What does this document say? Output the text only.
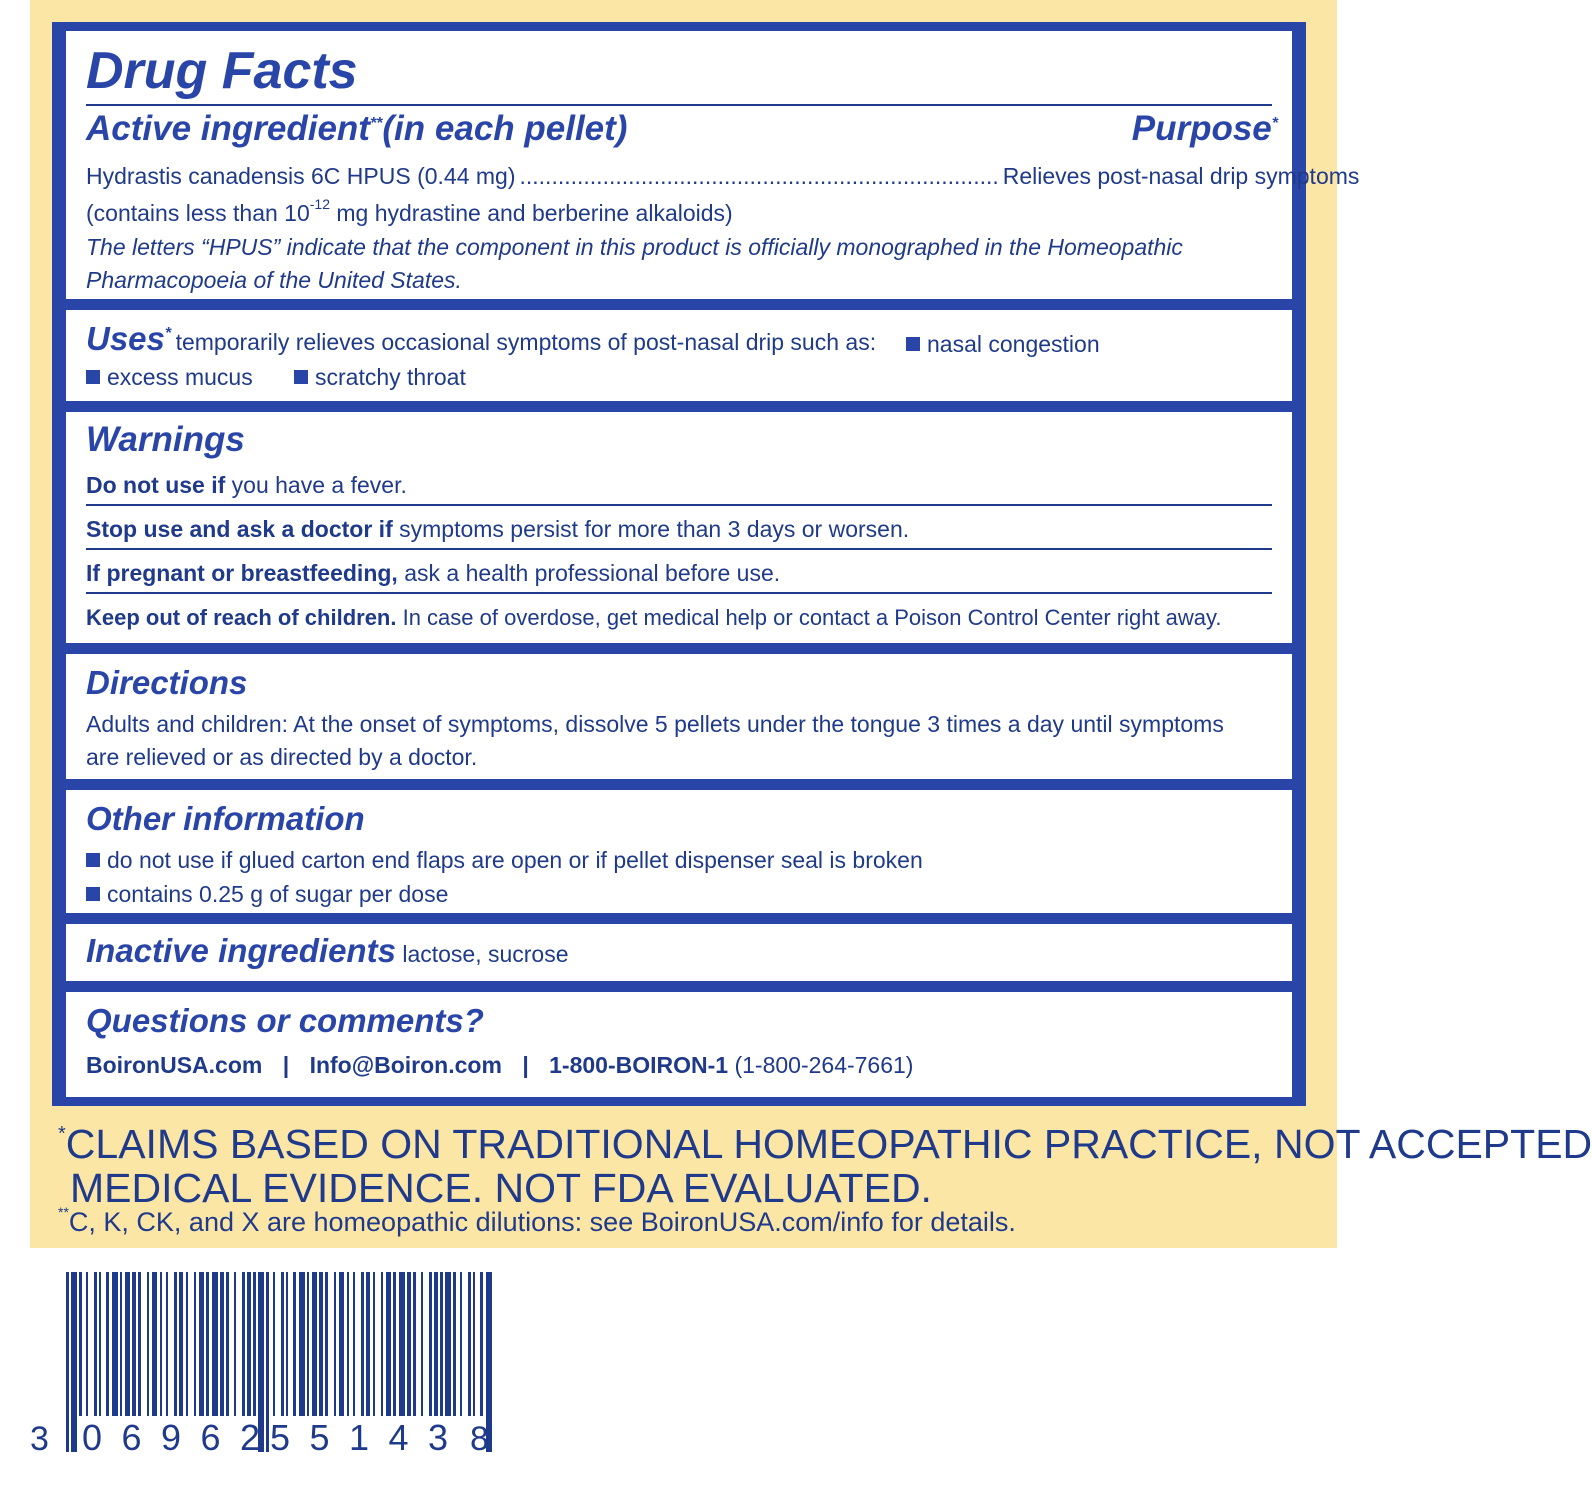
Drug Facts
Active ingredient**(in each pellet)	Purpose*
Hydrastis canadensis 6C HPUS (0.44 mg) ........................................................................... Relieves post-nasal drip symptoms
(contains less than $10^{-12}$ mg hydrastine and berberine alkaloids)
The letters “HPUS” indicate that the component in this product is officially monographed in the Homeopathic
Pharmacopoeia of the United States.
Uses* temporarily relieves occasional symptoms of post-nasal drip such as:	nasal congestion
excess mucus	scratchy throat
Warnings
Do not use if you have a fever.
Stop use and ask a doctor if symptoms persist for more than 3 days or worsen.
If pregnant or breastfeeding, ask a health professional before use.
Keep out of reach of children. In case of overdose, get medical help or contact a Poison Control Center right away.
Directions
Adults and children: At the onset of symptoms, dissolve 5 pellets under the tongue 3 times a day until symptoms
are relieved or as directed by a doctor.
Other information
do not use if glued carton end flaps are open or if pellet dispenser seal is broken
contains 0.25 g of sugar per dose
Inactive ingredients lactose, sucrose
Questions or comments?
BoironUSA.com | Info@Boiron.com | 1-800-BOIRON-1 (1-800-264-7661)
*CLAIMS BASED ON TRADITIONAL HOMEOPATHIC PRACTICE, NOT ACCEPTED
MEDICAL EVIDENCE. NOT FDA EVALUATED.
**C, K, CK, and X are homeopathic dilutions: see BoironUSA.com/info for details.
3 06962 55143 8
